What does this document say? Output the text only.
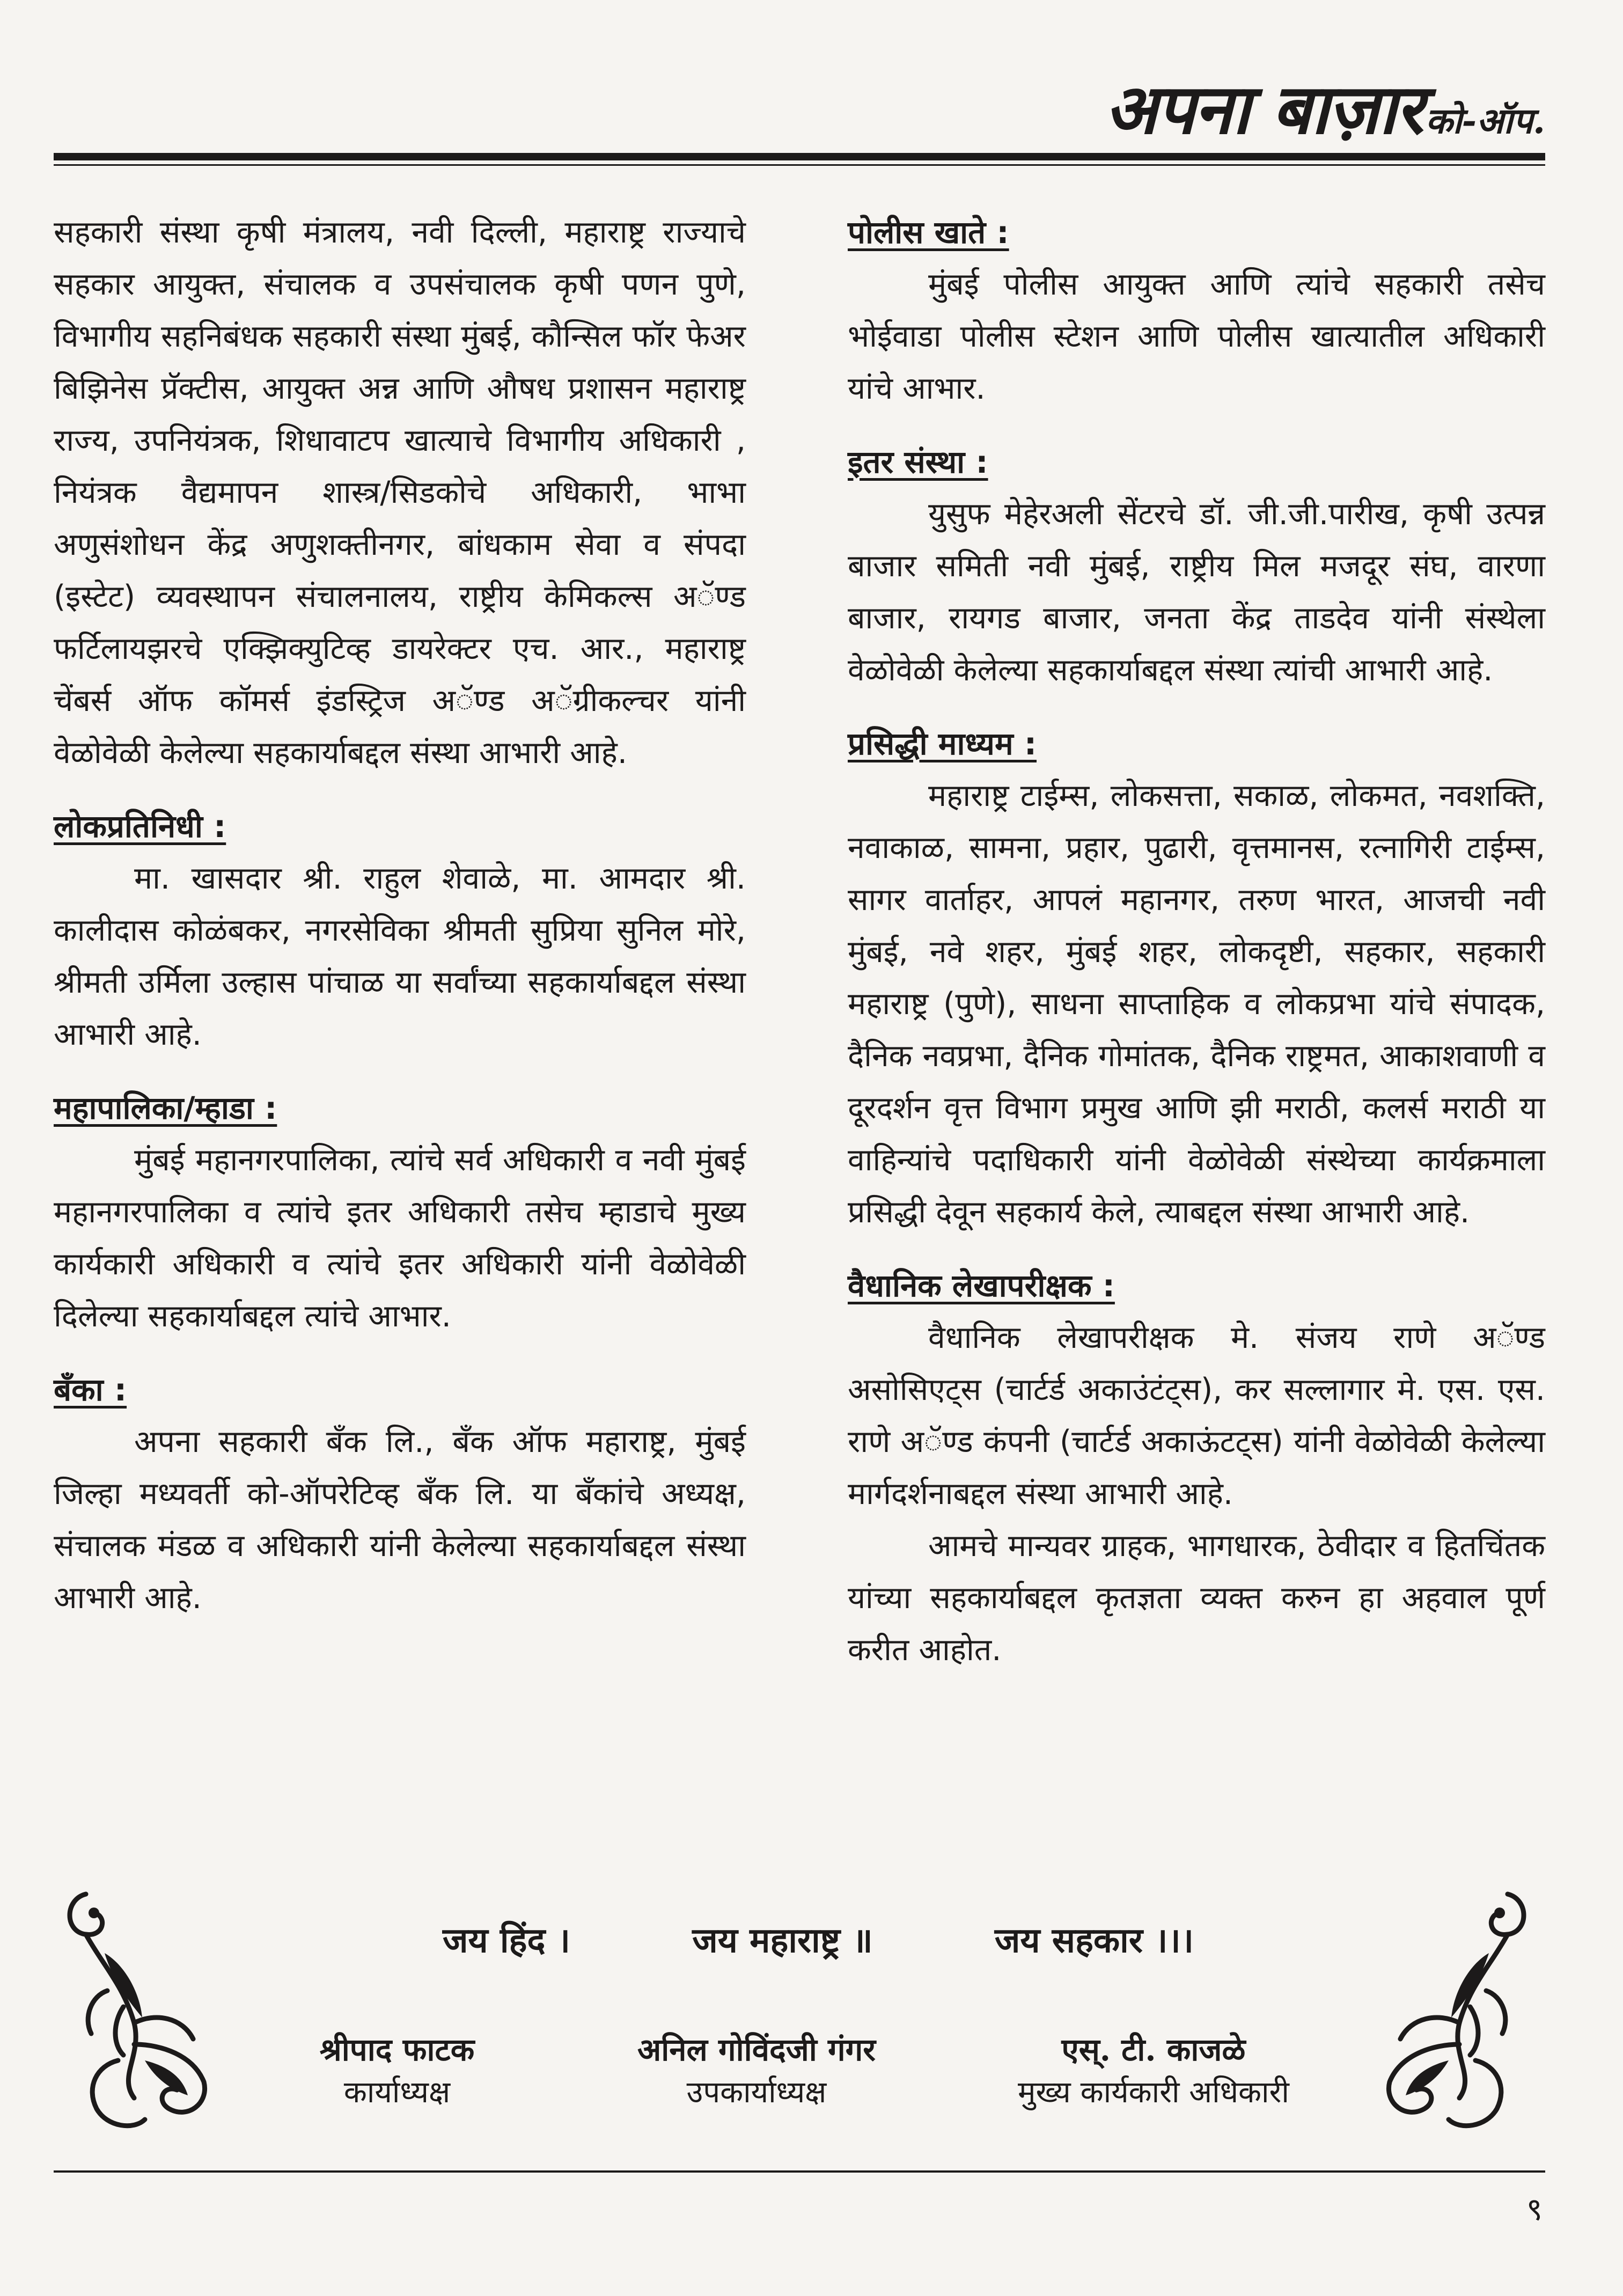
अपना बाज़ार को-ऑप.

सहकारी संस्था कृषी मंत्रालय, नवी दिल्ली, महाराष्ट्र राज्याचे सहकार आयुक्त, संचालक व उपसंचालक कृषी पणन पुणे, विभागीय सहनिबंधक सहकारी संस्था मुंबई, कौन्सिल फॉर फेअर बिझिनेस प्रॅक्टीस, आयुक्त अन्न आणि औषध प्रशासन महाराष्ट्र राज्य, उपनियंत्रक, शिधावाटप खात्याचे विभागीय अधिकारी , नियंत्रक वैद्यमापन शास्त्र/सिडकोचे अधिकारी, भाभा अणुसंशोधन केंद्र अणुशक्तीनगर, बांधकाम सेवा व संपदा (इस्टेट) व्यवस्थापन संचालनालय, राष्ट्रीय केमिकल्स अॅण्ड फर्टिलायझरचे एक्झिक्युटिव्ह डायरेक्टर एच. आर., महाराष्ट्र चेंबर्स ऑफ कॉमर्स इंडस्ट्रिज अॅण्ड अॅग्रीकल्चर यांनी वेळोवेळी केलेल्या सहकार्याबद्दल संस्था आभारी आहे.

लोकप्रतिनिधी :

मा. खासदार श्री. राहुल शेवाळे, मा. आमदार श्री. कालीदास कोळंबकर, नगरसेविका श्रीमती सुप्रिया सुनिल मोरे, श्रीमती उर्मिला उल्हास पांचाळ या सर्वांच्या सहकार्याबद्दल संस्था आभारी आहे.

महापालिका/म्हाडा :

मुंबई महानगरपालिका, त्यांचे सर्व अधिकारी व नवी मुंबई महानगरपालिका व त्यांचे इतर अधिकारी तसेच म्हाडाचे मुख्य कार्यकारी अधिकारी व त्यांचे इतर अधिकारी यांनी वेळोवेळी दिलेल्या सहकार्याबद्दल त्यांचे आभार.

बँका :

अपना सहकारी बँक लि., बँक ऑफ महाराष्ट्र, मुंबई जिल्हा मध्यवर्ती को-ऑपरेटिव्ह बँक लि. या बँकांचे अध्यक्ष, संचालक मंडळ व अधिकारी यांनी केलेल्या सहकार्याबद्दल संस्था आभारी आहे.

पोलीस खाते :

मुंबई पोलीस आयुक्त आणि त्यांचे सहकारी तसेच भोईवाडा पोलीस स्टेशन आणि पोलीस खात्यातील अधिकारी यांचे आभार.

इतर संस्था :

युसुफ मेहेरअली सेंटरचे डॉ. जी.जी.पारीख, कृषी उत्पन्न बाजार समिती नवी मुंबई, राष्ट्रीय मिल मजदूर संघ, वारणा बाजार, रायगड बाजार, जनता केंद्र ताडदेव यांनी संस्थेला वेळोवेळी केलेल्या सहकार्याबद्दल संस्था त्यांची आभारी आहे.

प्रसिद्धी माध्यम :

महाराष्ट्र टाईम्स, लोकसत्ता, सकाळ, लोकमत, नवशक्ति, नवाकाळ, सामना, प्रहार, पुढारी, वृत्तमानस, रत्नागिरी टाईम्स, सागर वार्ताहर, आपलं महानगर, तरुण भारत, आजची नवी मुंबई, नवे शहर, मुंबई शहर, लोकदृष्टी, सहकार, सहकारी महाराष्ट्र (पुणे), साधना साप्ताहिक व लोकप्रभा यांचे संपादक, दैनिक नवप्रभा, दैनिक गोमांतक, दैनिक राष्ट्रमत, आकाशवाणी व दूरदर्शन वृत्त विभाग प्रमुख आणि झी मराठी, कलर्स मराठी या वाहिन्यांचे पदाधिकारी यांनी वेळोवेळी संस्थेच्या कार्यक्रमाला प्रसिद्धी देवून सहकार्य केले, त्याबद्दल संस्था आभारी आहे.

वैधानिक लेखापरीक्षक :

वैधानिक लेखापरीक्षक मे. संजय राणे अॅण्ड असोसिएट्स (चार्टर्ड अकाउंटंट्स), कर सल्लागार मे. एस. एस. राणे अॅण्ड कंपनी (चार्टर्ड अकाऊंटट्स) यांनी वेळोवेळी केलेल्या मार्गदर्शनाबद्दल संस्था आभारी आहे.

आमचे मान्यवर ग्राहक, भागधारक, ठेवीदार व हितचिंतक यांच्या सहकार्याबद्दल कृतज्ञता व्यक्त करुन हा अहवाल पूर्ण करीत आहोत.

जय हिंद ।	जय महाराष्ट्र ॥	जय सहकार ।।।
श्रीपाद फाटक
कार्याध्यक्ष
अनिल गोविंदजी गंगर
उपकार्याध्यक्ष
एस्. टी. काजळे
मुख्य कार्यकारी अधिकारी
९
